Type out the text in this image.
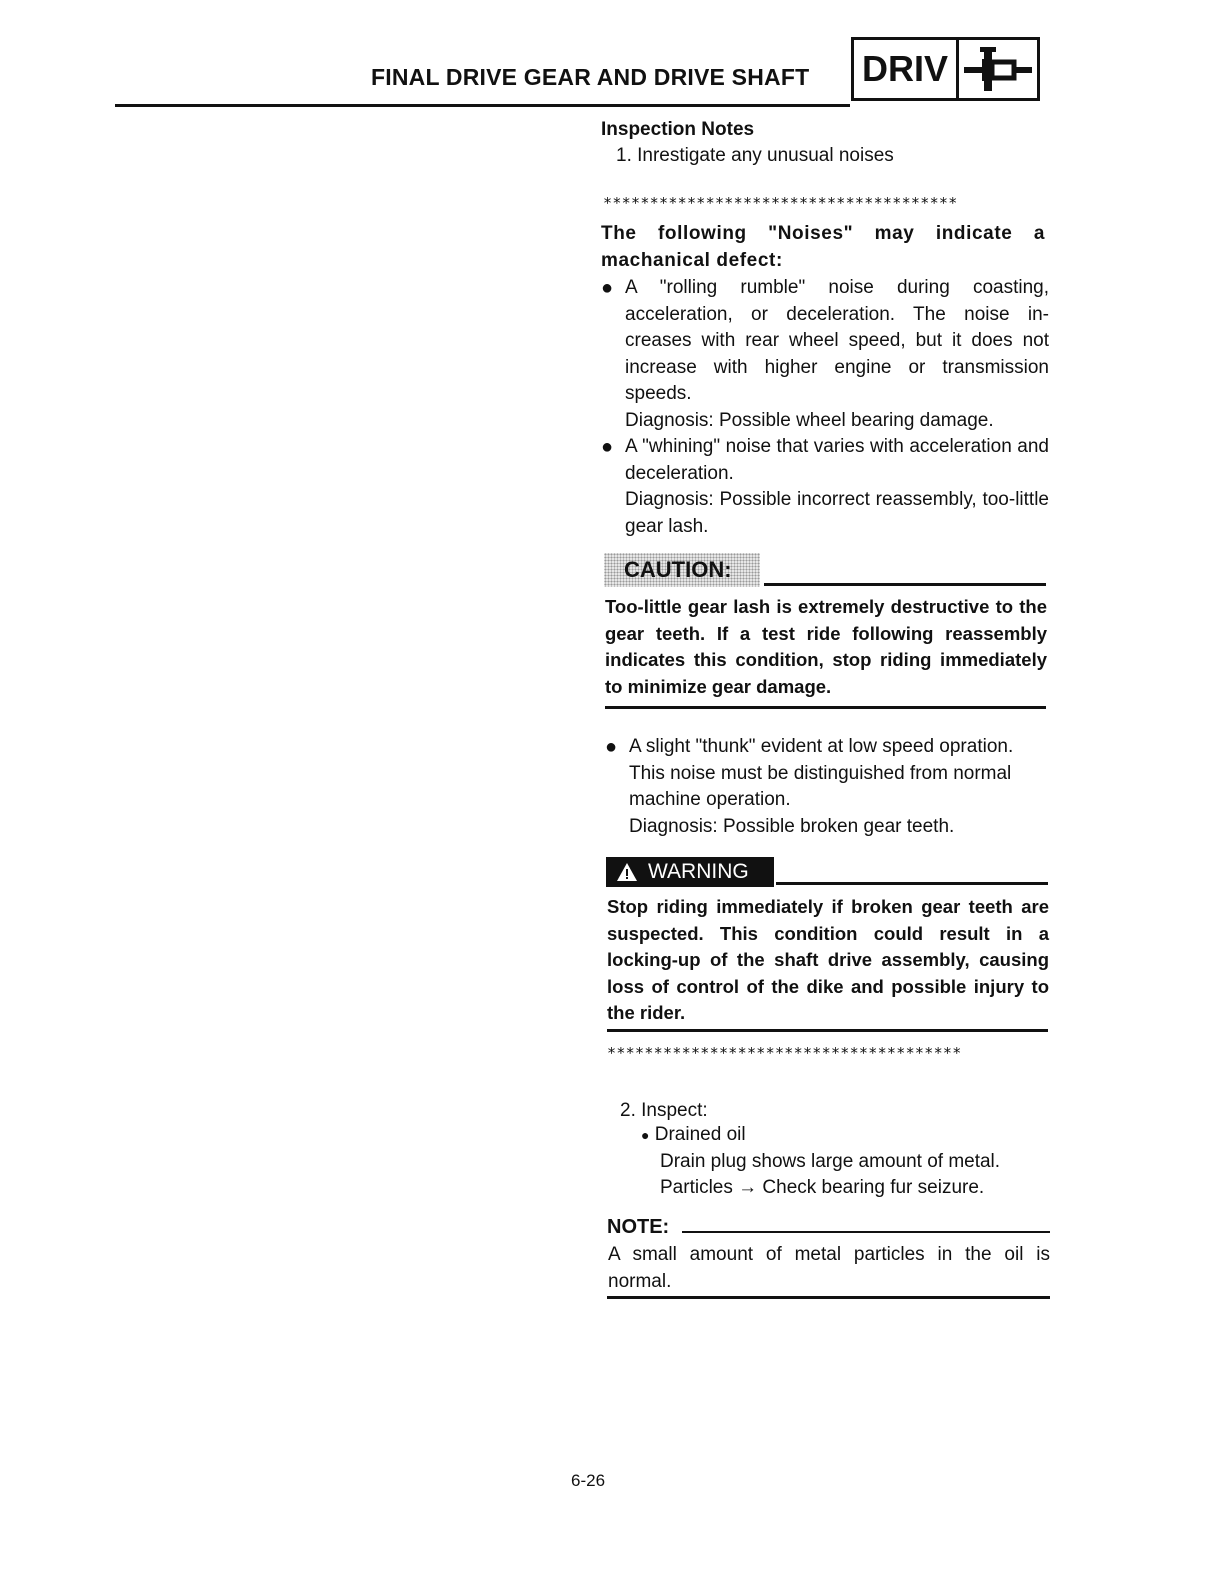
FINAL DRIVE GEAR AND DRIVE SHAFT DRIV
Inspection Notes
1. Inrestigate any unusual noises
**************************************
The following "Noises" may indicate a machanical defect:
● A "rolling rumble" noise during coasting, acceleration, or deceleration. The noise in-creases with rear wheel speed, but it does not increase with higher engine or transmission speeds.
Diagnosis: Possible wheel bearing damage.
● A "whining" noise that varies with acceleration and deceleration.
Diagnosis: Possible incorrect reassembly, too-little gear lash.
CAUTION:
Too-little gear lash is extremely destructive to the gear teeth. If a test ride following reassembly indicates this condition, stop riding immediately to minimize gear damage.
● A slight "thunk" evident at low speed opration. This noise must be distinguished from normal machine operation.
Diagnosis: Possible broken gear teeth.
WARNING
Stop riding immediately if broken gear teeth are suspected. This condition could result in a locking-up of the shaft drive assembly, causing loss of control of the dike and possible injury to the rider.
**************************************
2. Inspect:
● Drained oil
Drain plug shows large amount of metal.
Particles → Check bearing fur seizure.
NOTE:
A small amount of metal particles in the oil is normal.
6-26
